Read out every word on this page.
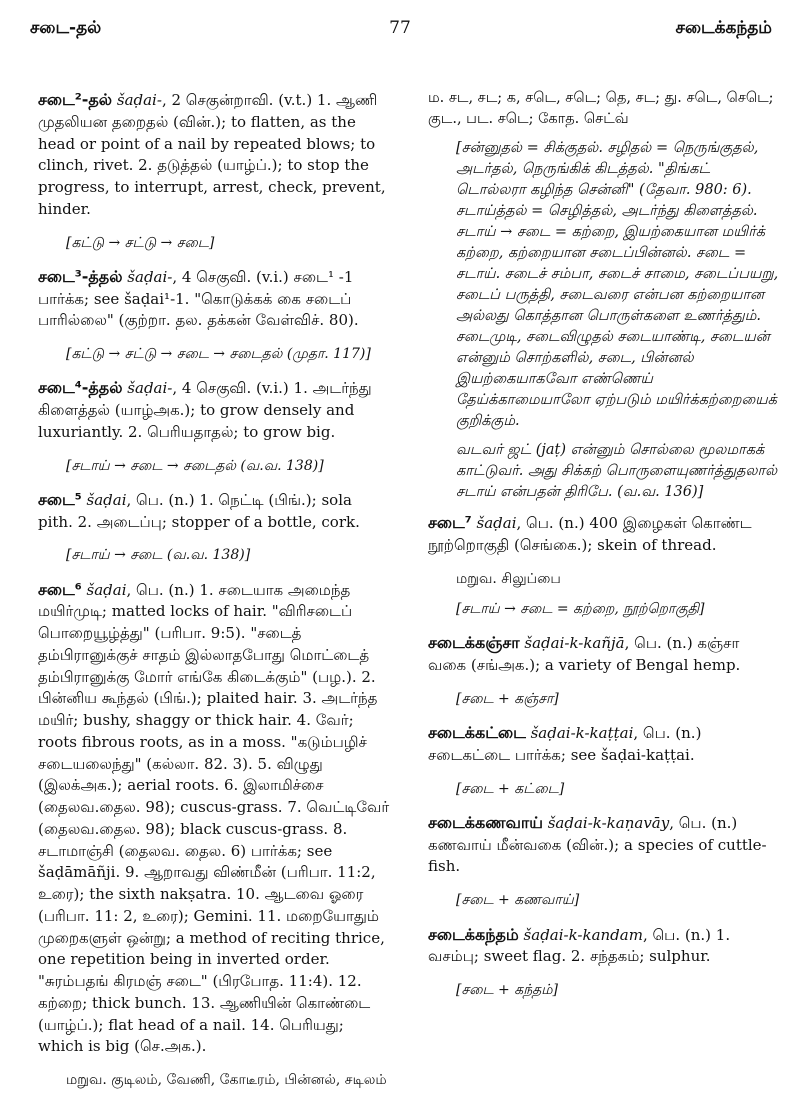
சடை-தல்	77	சடைக்கந்தம்
சடை²-தல் šaḍai-, 2 செகுன்றாவி. (v.t.) 1. ஆணி முதலியன தறைதல் (வின்.); to flatten, as the head or point of a nail by repeated blows; to clinch, rivet. 2. தடுத்தல் (யாழ்ப்.); to stop the progress, to interrupt, arrest, check, prevent, hinder.
[கட்டு → சட்டு → சடை]
சடை³-த்தல் šaḍai-, 4 செகுவி. (v.i.) சடை¹ -1 பார்க்க; see šaḍai¹-1. "கொடுக்கக் கை சடைப் பாரில்லை" (குற்றா. தல. தக்கன் வேள்விச். 80).
[கட்டு → சட்டு → சடை → சடைதல் (முதா. 117)]
சடை⁴-த்தல் šaḍai-, 4 செகுவி. (v.i.) 1. அடர்ந்து கிளைத்தல் (யாழ்அக.); to grow densely and luxuriantly. 2. பெரியதாதல்; to grow big.
[சடாய் → சடை → சடைதல் (வ.வ. 138)]
சடை⁵ šaḍai, பெ. (n.) 1. நெட்டி (பிங்.); sola pith. 2. அடைப்பு; stopper of a bottle, cork.
[சடாய் → சடை (வ.வ. 138)]
சடை⁶ šaḍai, பெ. (n.) 1. சடையாக அமைந்த மயிர்முடி; matted locks of hair. "விரிசடைப் பொறையூழ்த்து" (பரிபா. 9:5). "சடைத் தம்பிரானுக்குச் சாதம் இல்லாதபோது மொட்டைத் தம்பிரானுக்கு மோர் எங்கே கிடைக்கும்" (பழ.). 2. பின்னிய கூந்தல் (பிங்.); plaited hair. 3. அடர்ந்த மயிர்; bushy, shaggy or thick hair. 4. வேர்; roots fibrous roots, as in a moss. "கடும்பழிச் சடையலைந்து" (கல்லா. 82. 3). 5. விழுது (இலக்அக.); aerial roots. 6. இலாமிச்சை (தைலவ.தைல. 98); cuscus-grass. 7. வெட்டிவேர் (தைலவ.தைல. 98); black cuscus-grass. 8. சடாமாஞ்சி (தைலவ. தைல. 6) பார்க்க; see šaḍāmāñji. 9. ஆறாவது விண்மீன் (பரிபா. 11:2, உரை); the sixth nakṣatra. 10. ஆடவை ஓரை (பரிபா. 11: 2, உரை); Gemini. 11. மறையோதும் முறைகளுள் ஒன்று; a method of reciting thrice, one repetition being in inverted order. "சுரம்பதங் கிரமஞ் சடை" (பிரபோத. 11:4). 12. கற்றை; thick bunch. 13. ஆணியின் கொண்டை (யாழ்ப்.); flat head of a nail. 14. பெரியது; which is big (செ.அக.).
மறுவ. குடிலம், வேணி, கோடீரம், பின்னல், சடிலம்
ம. சட, சட; க, சடெ, சடெ; தெ, சட; து. சடெ, செடெ; குட., பட. சடெ; கோத. செட்வ்
[சன்னுதல் = சிக்குதல். சழிதல் = நெருங்குதல், அடர்தல், நெருங்கிக் கிடத்தல். "திங்கட் டொல்லரா கழிந்த சென்னி" (தேவா. 980: 6). சடாய்த்தல் = செழித்தல், அடர்ந்து கிளைத்தல். சடாய் → சடை = கற்றை, இயற்கையான மயிர்க் கற்றை, கற்றையான சடைப்பின்னல். சடை = சடாய். சடைச் சம்பா, சடைச் சாமை, சடைப்பயறு, சடைப் பருத்தி, சடைவரை என்பன கற்றையான அல்லது கொத்தான பொருள்களை உணர்த்தும். சடைமுடி, சடைவிழுதல் சடையாண்டி, சடையன் என்னும் சொற்களில், சடை, பின்னல் இயற்கையாகவோ எண்ணெய் தேய்க்காமையாலோ ஏற்படும் மயிர்க்கற்றையைக் குறிக்கும்.
வடவர் ஜட் (jaṭ) என்னும் சொல்லை மூலமாகக் காட்டுவர். அது சிக்கற் பொருளையுணர்த்துதலால் சடாய் என்பதன் திரிபே. (வ.வ. 136)]
சடை⁷ šaḍai, பெ. (n.) 400 இழைகள் கொண்ட நூற்றொகுதி (செங்கை.); skein of thread.
மறுவ. சிலுப்பை
[சடாய் → சடை = கற்றை, நூற்றொகுதி]
சடைக்கஞ்சா šaḍai-k-kañjā, பெ. (n.) கஞ்சா வகை (சங்அக.); a variety of Bengal hemp.
[சடை + கஞ்சா]
சடைக்கட்டை šaḍai-k-kaṭṭai, பெ. (n.) சடைகட்டை பார்க்க; see šaḍai-kaṭṭai.
[சடை + கட்டை]
சடைக்கணவாய் šaḍai-k-kaṇavāy, பெ. (n.) கணவாய் மீன்வகை (வின்.); a species of cuttle-fish.
[சடை + கணவாய்]
சடைக்கந்தம் šaḍai-k-kandam, பெ. (n.) 1. வசம்பு; sweet flag. 2. சந்தகம்; sulphur.
[சடை + கந்தம்]
